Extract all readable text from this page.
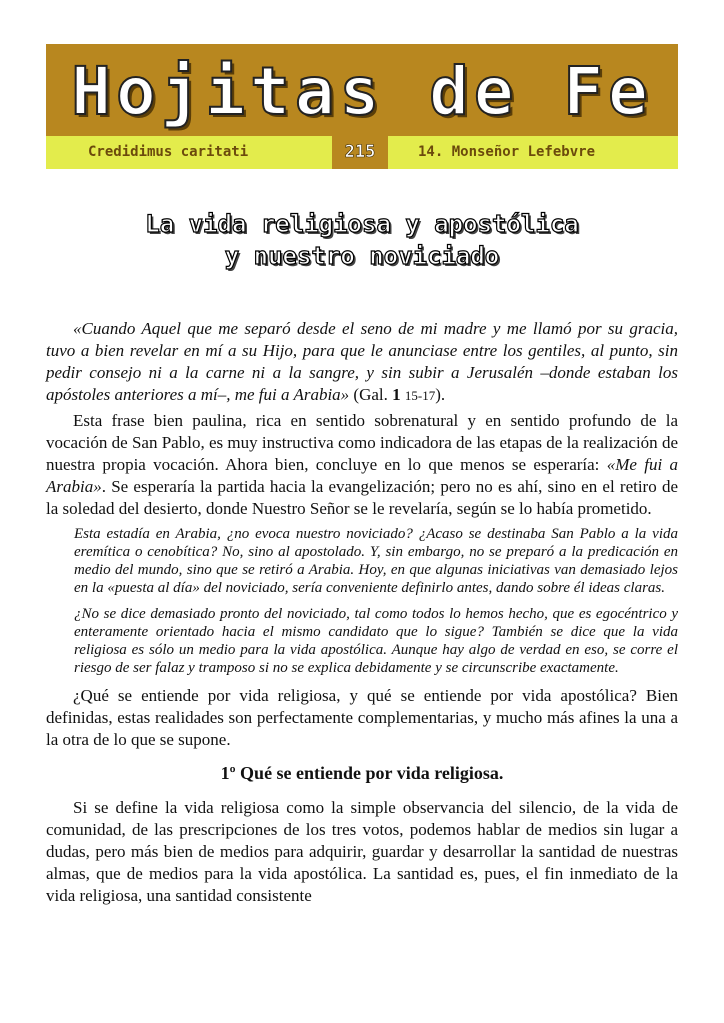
Hojitas de Fe
Credidimus caritati	215	14. Monseñor Lefebvre
La vida religiosa y apostólica
y nuestro noviciado

«Cuando Aquel que me separó desde el seno de mi madre y me llamó por su gracia, tuvo a bien revelar en mí a su Hijo, para que le anunciase entre los gentiles, al punto, sin pedir consejo ni a la carne ni a la sangre, y sin subir a Jerusalén –donde estaban los apóstoles anteriores a mí–, me fui a Arabia» (Gal. 1 15-17).

Esta frase bien paulina, rica en sentido sobrenatural y en sentido profundo de la vocación de San Pablo, es muy instructiva como indicadora de las etapas de la realización de nuestra propia vocación. Ahora bien, concluye en lo que menos se esperaría: «Me fui a Arabia». Se esperaría la partida hacia la evangelización; pero no es ahí, sino en el retiro de la soledad del desierto, donde Nuestro Señor se le revelaría, según se lo había prometido.

Esta estadía en Arabia, ¿no evoca nuestro noviciado? ¿Acaso se destinaba San Pablo a la vida eremítica o cenobítica? No, sino al apostolado. Y, sin embargo, no se preparó a la predicación en medio del mundo, sino que se retiró a Arabia. Hoy, en que algunas iniciativas van demasiado lejos en la «puesta al día» del noviciado, sería conveniente definirlo antes, dando sobre él ideas claras.

¿No se dice demasiado pronto del noviciado, tal como todos lo hemos hecho, que es egocéntrico y enteramente orientado hacia el mismo candidato que lo sigue? También se dice que la vida religiosa es sólo un medio para la vida apostólica. Aunque hay algo de verdad en eso, se corre el riesgo de ser falaz y tramposo si no se explica debidamente y se circunscribe exactamente.

¿Qué se entiende por vida religiosa, y qué se entiende por vida apostólica? Bien definidas, estas realidades son perfectamente complementarias, y mucho más afines la una a la otra de lo que se supone.

1º Qué se entiende por vida religiosa.

Si se define la vida religiosa como la simple observancia del silencio, de la vida de comunidad, de las prescripciones de los tres votos, podemos hablar de medios sin lugar a dudas, pero más bien de medios para adquirir, guardar y desarrollar la santidad de nuestras almas, que de medios para la vida apostólica. La santidad es, pues, el fin inmediato de la vida religiosa, una santidad consistente
